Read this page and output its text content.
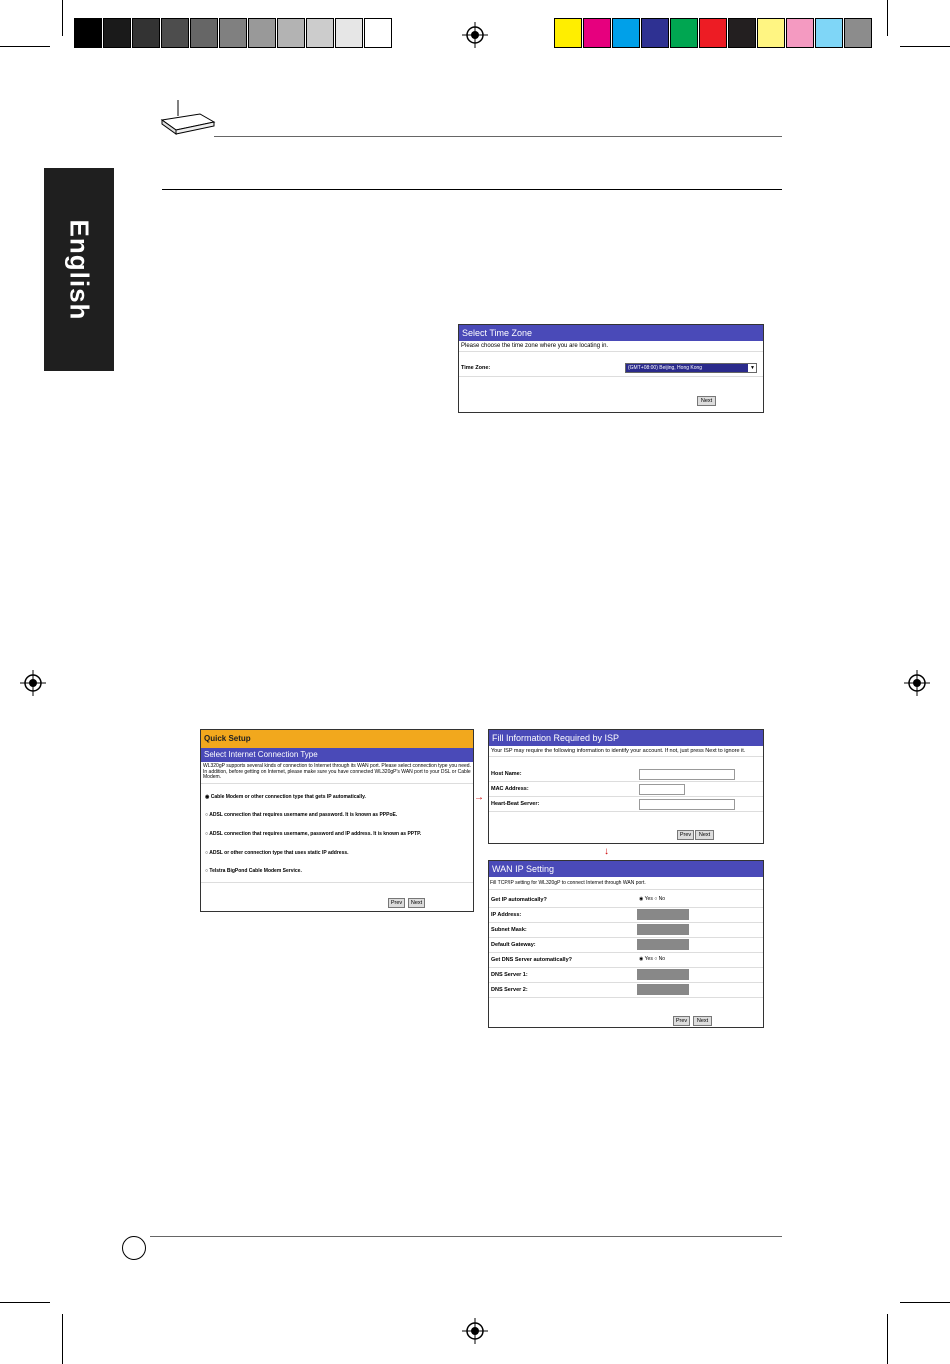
English
Select Time Zone
Please choose the time zone where you are locating in.
Time Zone:	(GMT+08:00) Beijing, Hong Kong	▼
Next
Quick Setup
Select Internet Connection Type
WL320gP supports several kinds of connection to Internet through its WAN port. Please select connection type you need. In addition, before getting on Internet, please make sure you have connected WL320gP's WAN port to your DSL or Cable Modem.
◉ Cable Modem or other connection type that gets IP automatically.
○ ADSL connection that requires username and password. It is known as PPPoE.
○ ADSL connection that requires username, password and IP address. It is known as PPTP.
○ ADSL or other connection type that uses static IP address.
○ Telstra BigPond Cable Modem Service.
Prev	Next
→
Fill Information Required by ISP
Your ISP may require the following information to identify your account. If not, just press Next to ignore it.
Host Name:
MAC Address:
Heart-Beat Server:
Prev	Next
↓
WAN IP Setting
Fill TCP/IP setting for WL320gP to connect Internet through WAN port.
Get IP automatically?	◉ Yes ○ No
IP Address:
Subnet Mask:
Default Gateway:
Get DNS Server automatically?	◉ Yes ○ No
DNS Server 1:
DNS Server 2:
Prev	Next
